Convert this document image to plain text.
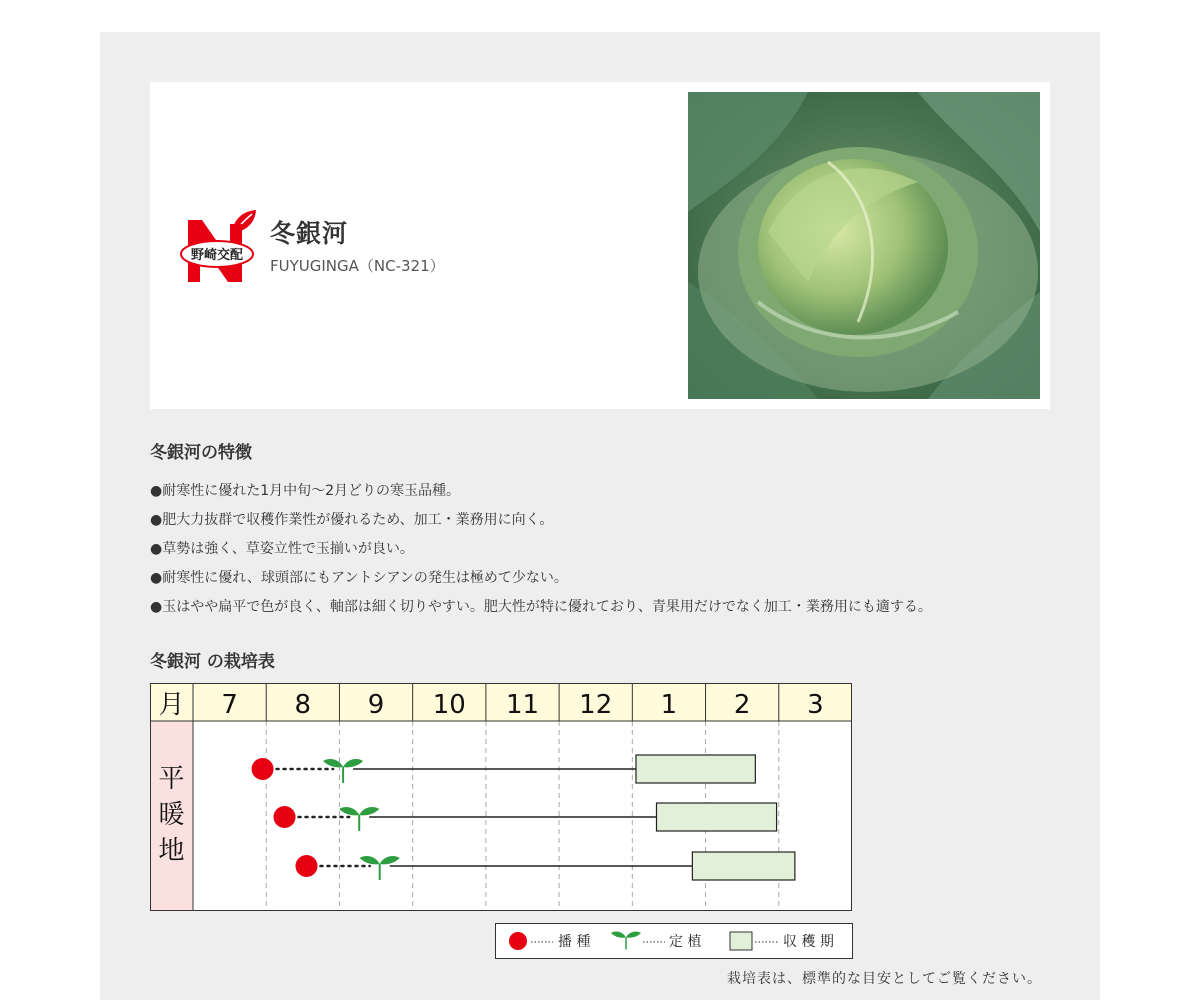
野崎交配
冬銀河
FUYUGINGA（NC-321）
冬銀河の特徴
●耐寒性に優れた1月中旬〜2月どりの寒玉品種。
●肥大力抜群で収穫作業性が優れるため、加工・業務用に向く。
●草勢は強く、草姿立性で玉揃いが良い。
●耐寒性に優れ、球頭部にもアントシアンの発生は極めて少ない。
●玉はやや扁平で色が良く、軸部は細く切りやすい。肥大性が特に優れており、青果用だけでなく加工・業務用にも適する。
冬銀河 の栽培表
月 7 8 9 10 11 12 1 2 3
平
暖
地
播 種	定 植	収 穫 期
栽培表は、標準的な目安としてご覧ください。
